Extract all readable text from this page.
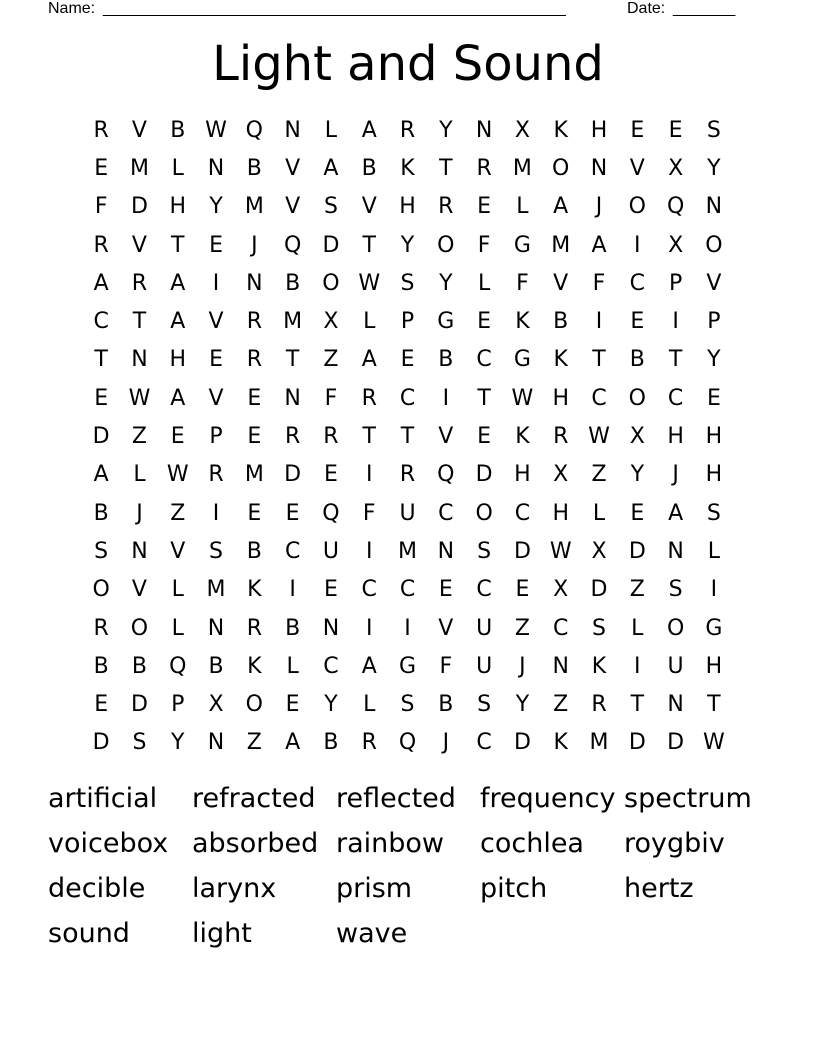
Name: ____________________________________________________	Date: _______
Light and Sound
R	V	B W Q N	L	A	R	Y	N	X	K	H	E	E	S
E M	L	N	B	V	A	B	K	T	R M O N	V	X	Y
F	D H	Y	M V	S	V	H	R	E	L	A	J	O Q N
R	V	T	E	J	Q D	T	Y	O	F	G M A	I	X	O
A	R	A	I	N	B	O W S	Y	L	F	V	F	C	P	V
C	T	A	V	R M X	L	P	G	E	K	B	I	E	I	P
T	N H	E	R	T	Z	A	E	B	C	G	K	T	B	T	Y
E W A	V	E	N	F	R	C	I	T W H	C O C	E
D	Z	E	P	E	R	R	T	T	V	E	K	R W X	H H
A	L W R M D	E	I	R Q D H	X	Z	Y	J	H
B	J	Z	I	E	E	Q	F	U	C O C	H	L	E	A	S
S	N	V	S	B	C	U	I	M N	S	D W X	D N	L
O	V	L	M K	I	E	C	C	E	C	E	X	D	Z	S	I
R O	L	N	R	B	N	I	I	V	U	Z	C	S	L	O G
B	B	Q	B	K	L	C	A	G	F	U	J	N	K	I	U H
E	D	P	X	O	E	Y	L	S	B	S	Y	Z	R	T	N	T
D	S	Y	N	Z	A	B	R Q	J	C	D	K M D D W
artificial	refracted reflected frequency spectrum
voicebox absorbed rainbow	cochlea	roygbiv
decible	larynx	prism	pitch	hertz
sound	light	wave
